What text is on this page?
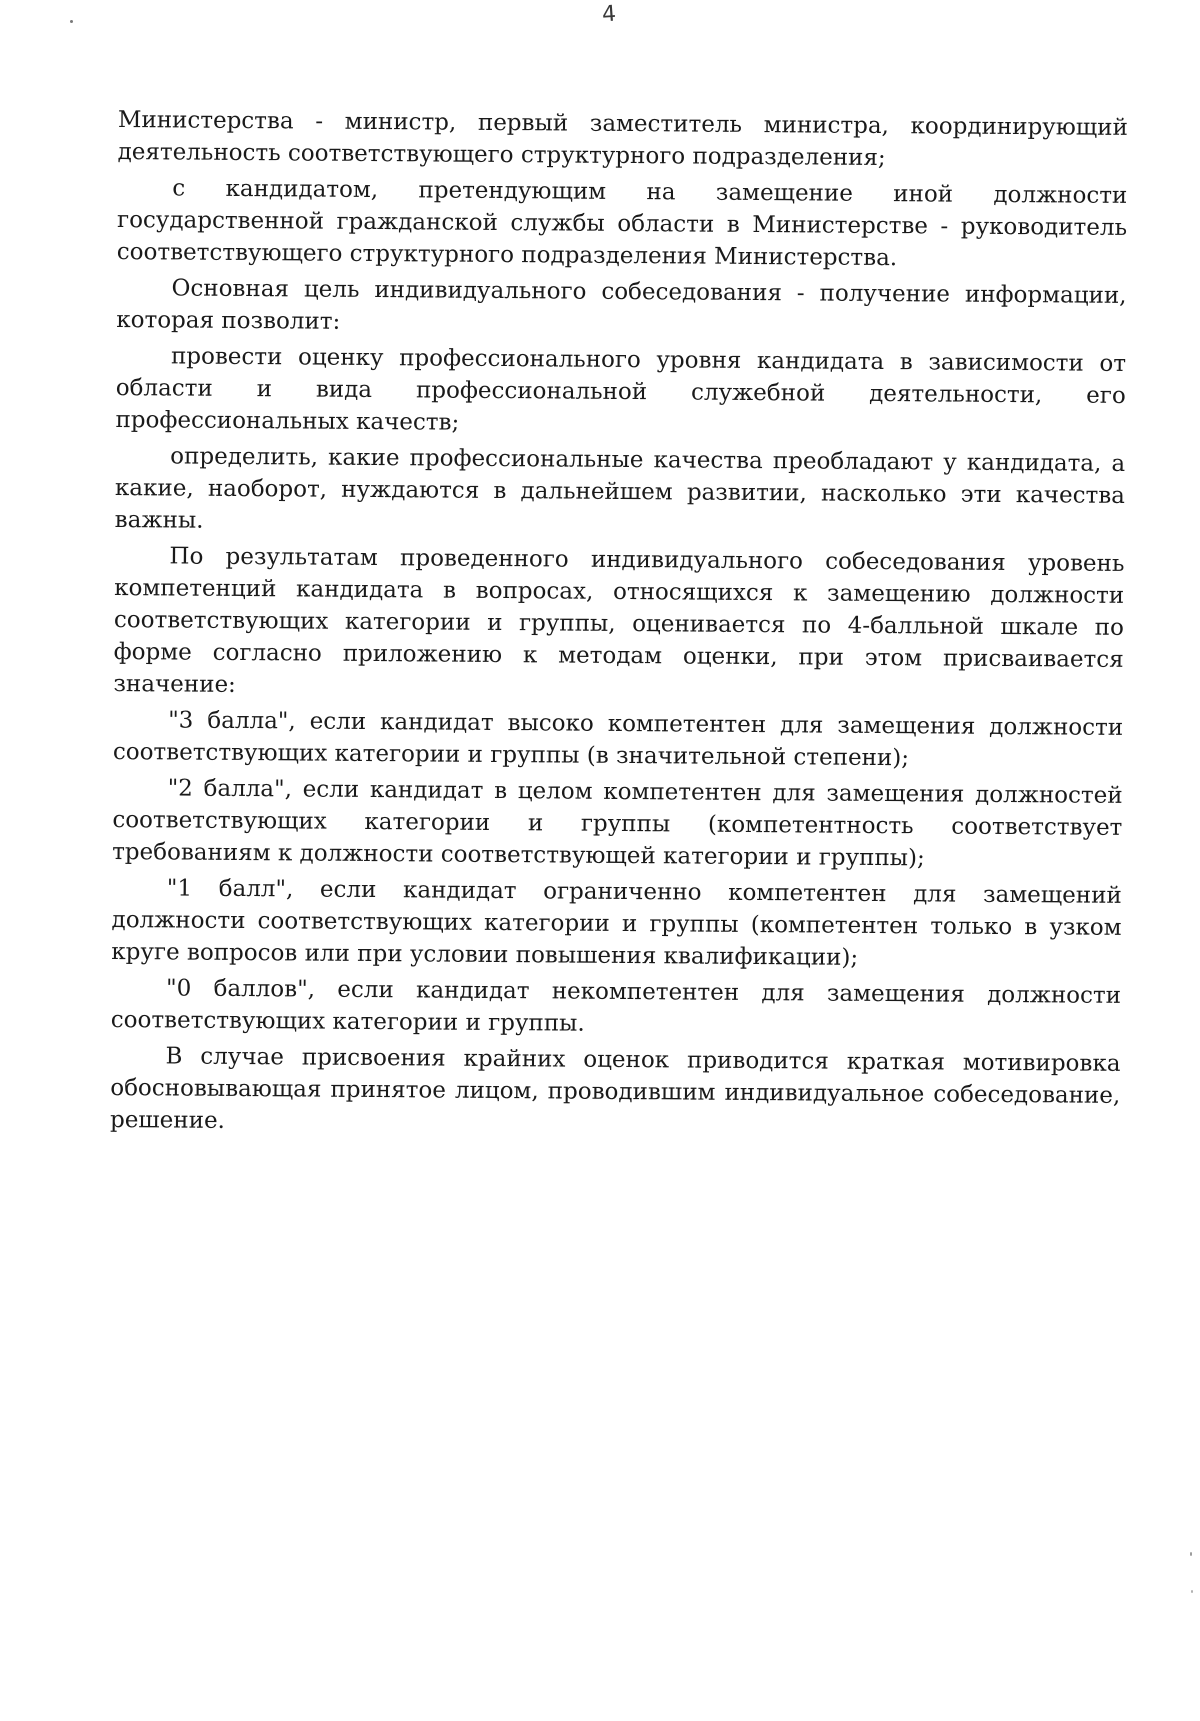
4

Министерства - министр, первый заместитель министра, координирующий деятельность соответствующего структурного подразделения;

с кандидатом, претендующим на замещение иной должности государственной гражданской службы области в Министерстве - руководитель соответствующего структурного подразделения Министерства.

Основная цель индивидуального собеседования - получение информации, которая позволит:

провести оценку профессионального уровня кандидата в зависимости от области и вида профессиональной служебной деятельности, его профессиональных качеств;

определить, какие профессиональные качества преобладают у кандидата, а какие, наоборот, нуждаются в дальнейшем развитии, насколько эти качества важны.

По результатам проведенного индивидуального собеседования уровень компетенций кандидата в вопросах, относящихся к замещению должности соответствующих категории и группы, оценивается по 4-балльной шкале по форме согласно приложению к методам оценки, при этом присваивается значение:

"3 балла", если кандидат высоко компетентен для замещения должности соответствующих категории и группы (в значительной степени);

"2 балла", если кандидат в целом компетентен для замещения должностей соответствующих категории и группы (компетентность соответствует требованиям к должности соответствующей категории и группы);

"1 балл", если кандидат ограниченно компетентен для замещений должности соответствующих категории и группы (компетентен только в узком круге вопросов или при условии повышения квалификации);

"0 баллов", если кандидат некомпетентен для замещения должности соответствующих категории и группы.

В случае присвоения крайних оценок приводится краткая мотивировка обосновывающая принятое лицом, проводившим индивидуальное собеседование, решение.
